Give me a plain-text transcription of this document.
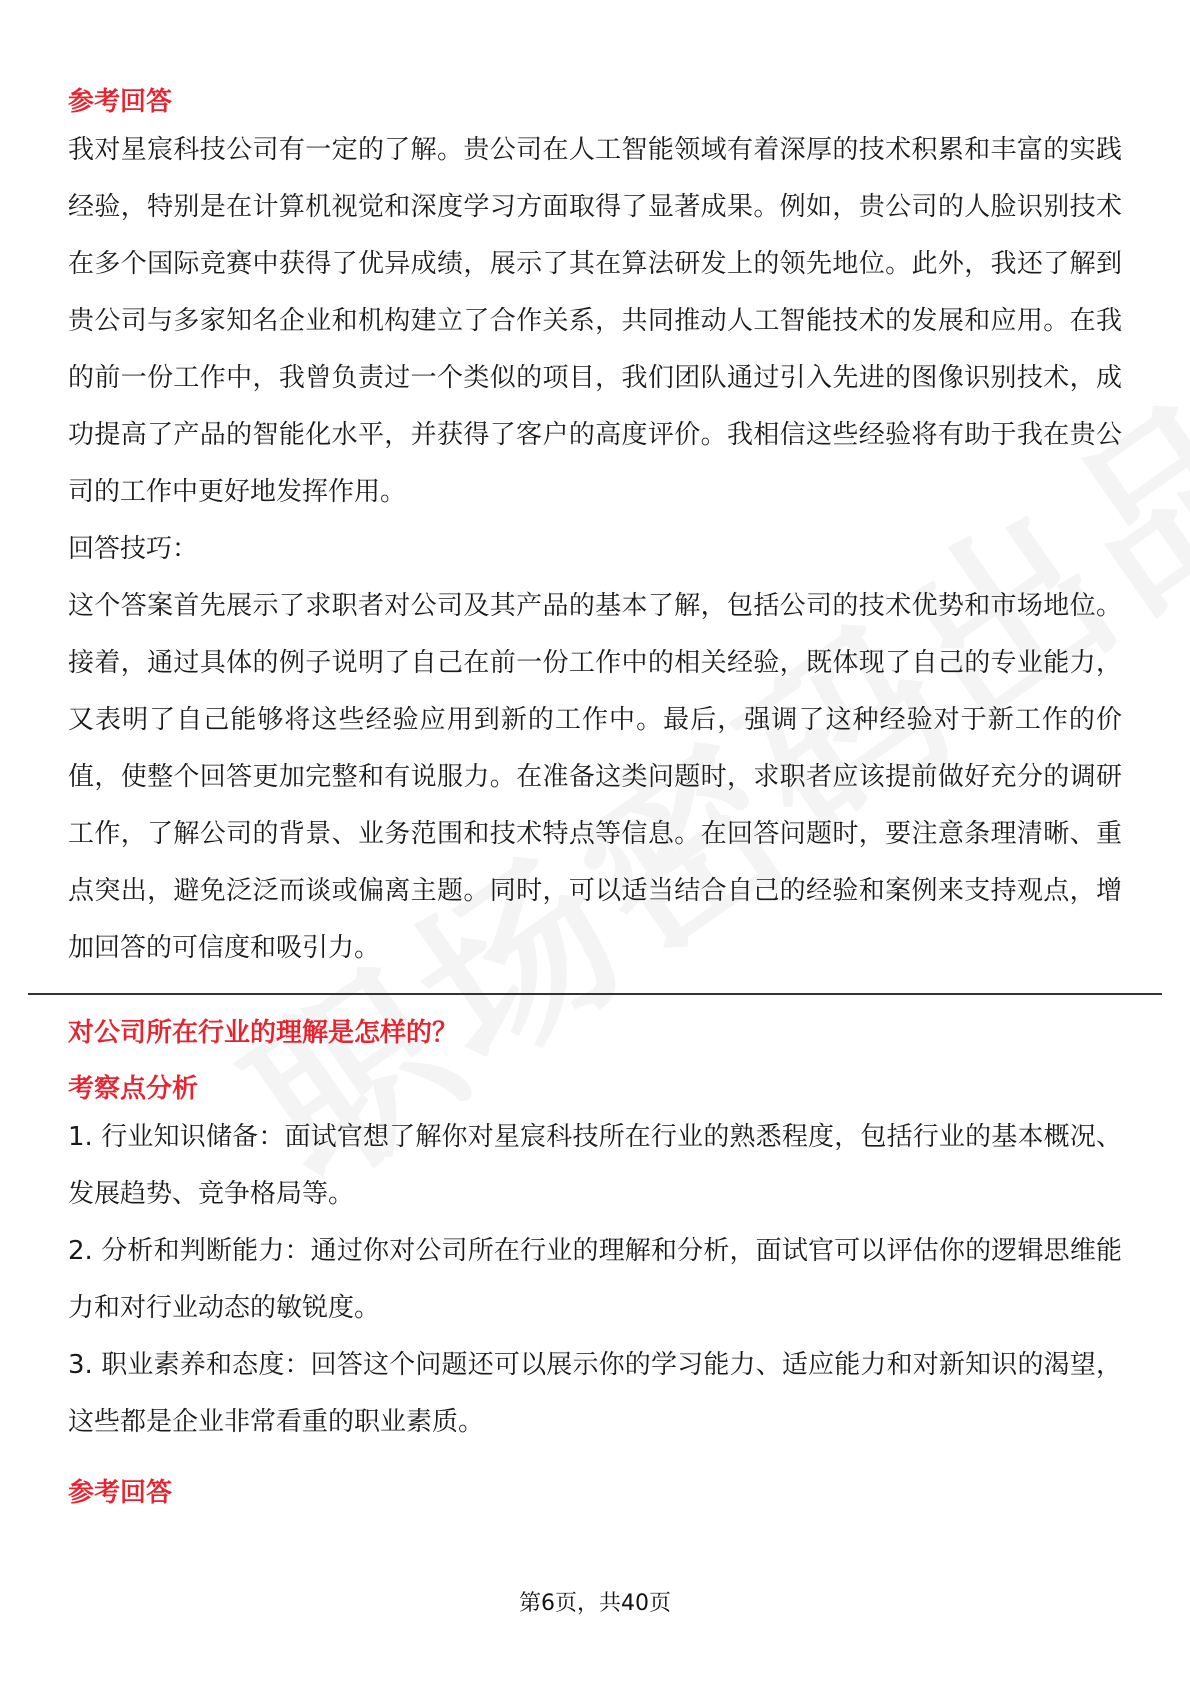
参考回答

我对星宸科技公司有一定的了解。贵公司在人工智能领域有着深厚的技术积累和丰富的实践经验，特别是在计算机视觉和深度学习方面取得了显著成果。例如，贵公司的人脸识别技术在多个国际竞赛中获得了优异成绩，展示了其在算法研发上的领先地位。此外，我还了解到贵公司与多家知名企业和机构建立了合作关系，共同推动人工智能技术的发展和应用。在我的前一份工作中，我曾负责过一个类似的项目，我们团队通过引入先进的图像识别技术，成功提高了产品的智能化水平，并获得了客户的高度评价。我相信这些经验将有助于我在贵公司的工作中更好地发挥作用。

回答技巧：

这个答案首先展示了求职者对公司及其产品的基本了解，包括公司的技术优势和市场地位。接着，通过具体的例子说明了自己在前一份工作中的相关经验，既体现了自己的专业能力，又表明了自己能够将这些经验应用到新的工作中。最后，强调了这种经验对于新工作的价值，使整个回答更加完整和有说服力。在准备这类问题时，求职者应该提前做好充分的调研工作，了解公司的背景、业务范围和技术特点等信息。在回答问题时，要注意条理清晰、重点突出，避免泛泛而谈或偏离主题。同时，可以适当结合自己的经验和案例来支持观点，增加回答的可信度和吸引力。

对公司所在行业的理解是怎样的？

考察点分析

1. 行业知识储备：面试官想了解你对星宸科技所在行业的熟悉程度，包括行业的基本概况、发展趋势、竞争格局等。

2. 分析和判断能力：通过你对公司所在行业的理解和分析，面试官可以评估你的逻辑思维能力和对行业动态的敏锐度。

3. 职业素养和态度：回答这个问题还可以展示你的学习能力、适应能力和对新知识的渴望，这些都是企业非常看重的职业素质。

参考回答

第6页，共40页
